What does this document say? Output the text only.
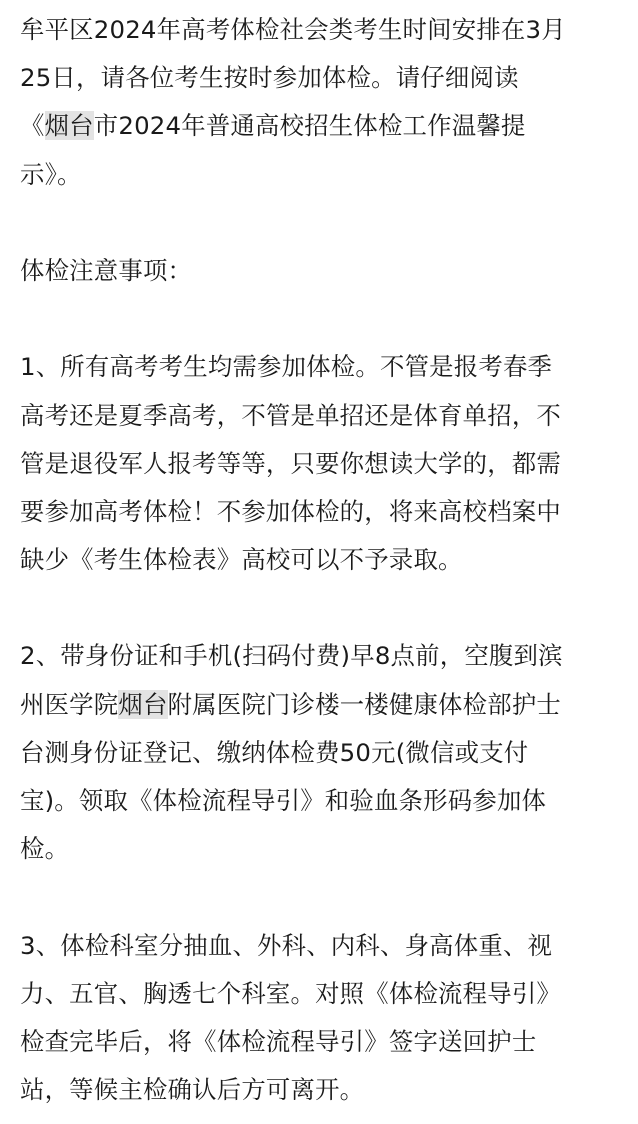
牟平区2024年高考体检社会类考生时间安排在3月
25日，请各位考生按时参加体检。请仔细阅读
《烟台市2024年普通高校招生体检工作温馨提
示》。
体检注意事项：
1、所有高考考生均需参加体检。不管是报考春季
高考还是夏季高考，不管是单招还是体育单招，不
管是退役军人报考等等，只要你想读大学的，都需
要参加高考体检！不参加体检的，将来高校档案中
缺少《考生体检表》高校可以不予录取。
2、带身份证和手机(扫码付费)早8点前，空腹到滨
州医学院烟台附属医院门诊楼一楼健康体检部护士
台测身份证登记、缴纳体检费50元(微信或支付
宝)。领取《体检流程导引》和验血条形码参加体
检。
3、体检科室分抽血、外科、内科、身高体重、视
力、五官、胸透七个科室。对照《体检流程导引》
检查完毕后，将《体检流程导引》签字送回护士
站，等候主检确认后方可离开。
